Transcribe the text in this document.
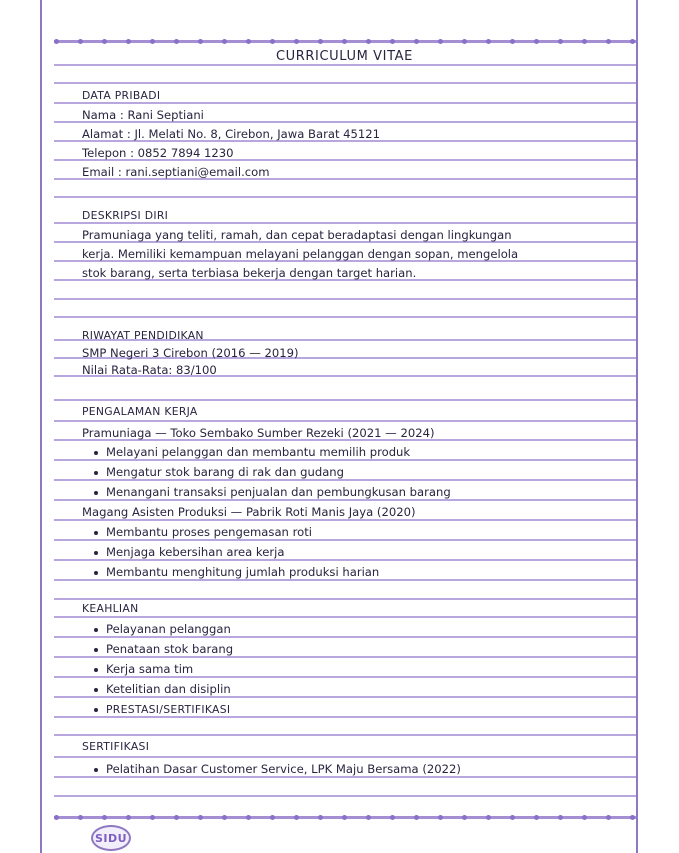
CURRICULUM VITAE
DATA PRIBADI
Nama : Rani Septiani
Alamat : Jl. Melati No. 8, Cirebon, Jawa Barat 45121
Telepon : 0852 7894 1230
Email : rani.septiani@email.com
DESKRIPSI DIRI
Pramuniaga yang teliti, ramah, dan cepat beradaptasi dengan lingkungan
kerja. Memiliki kemampuan melayani pelanggan dengan sopan, mengelola
stok barang, serta terbiasa bekerja dengan target harian.
RIWAYAT PENDIDIKAN
SMP Negeri 3 Cirebon (2016 — 2019)
Nilai Rata-Rata: 83/100
PENGALAMAN KERJA
Pramuniaga — Toko Sembako Sumber Rezeki (2021 — 2024)
Melayani pelanggan dan membantu memilih produk
Mengatur stok barang di rak dan gudang
Menangani transaksi penjualan dan pembungkusan barang
Magang Asisten Produksi — Pabrik Roti Manis Jaya (2020)
Membantu proses pengemasan roti
Menjaga kebersihan area kerja
Membantu menghitung jumlah produksi harian
KEAHLIAN
Pelayanan pelanggan
Penataan stok barang
Kerja sama tim
Ketelitian dan disiplin
PRESTASI/SERTIFIKASI
SERTIFIKASI
Pelatihan Dasar Customer Service, LPK Maju Bersama (2022)
SIDU
